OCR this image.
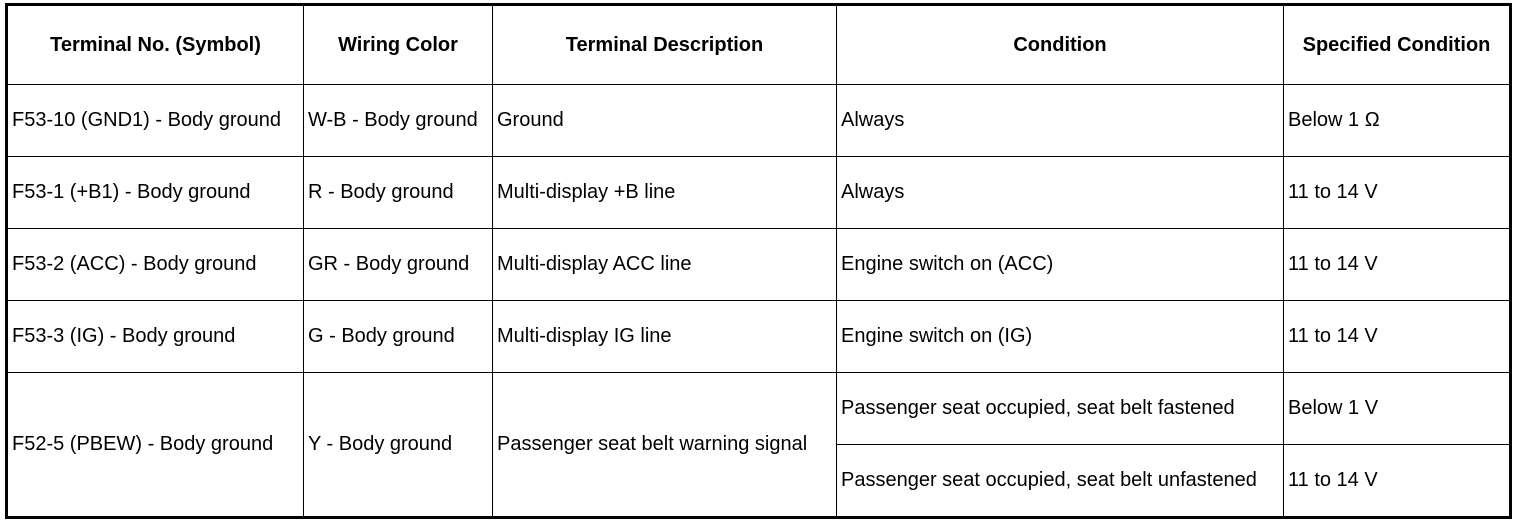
Terminal No. (Symbol)	Wiring Color	Terminal Description	Condition	Specified Condition
F53-10 (GND1) - Body ground	W-B - Body ground	Ground	Always	Below 1 Ω
F53-1 (+B1) - Body ground	R - Body ground	Multi-display +B line	Always	11 to 14 V
F53-2 (ACC) - Body ground	GR - Body ground	Multi-display ACC line	Engine switch on (ACC)	11 to 14 V
F53-3 (IG) - Body ground	G - Body ground	Multi-display IG line	Engine switch on (IG)	11 to 14 V
F52-5 (PBEW) - Body ground	Y - Body ground	Passenger seat belt warning signal	Passenger seat occupied, seat belt fastened	Below 1 V
			Passenger seat occupied, seat belt unfastened	11 to 14 V
